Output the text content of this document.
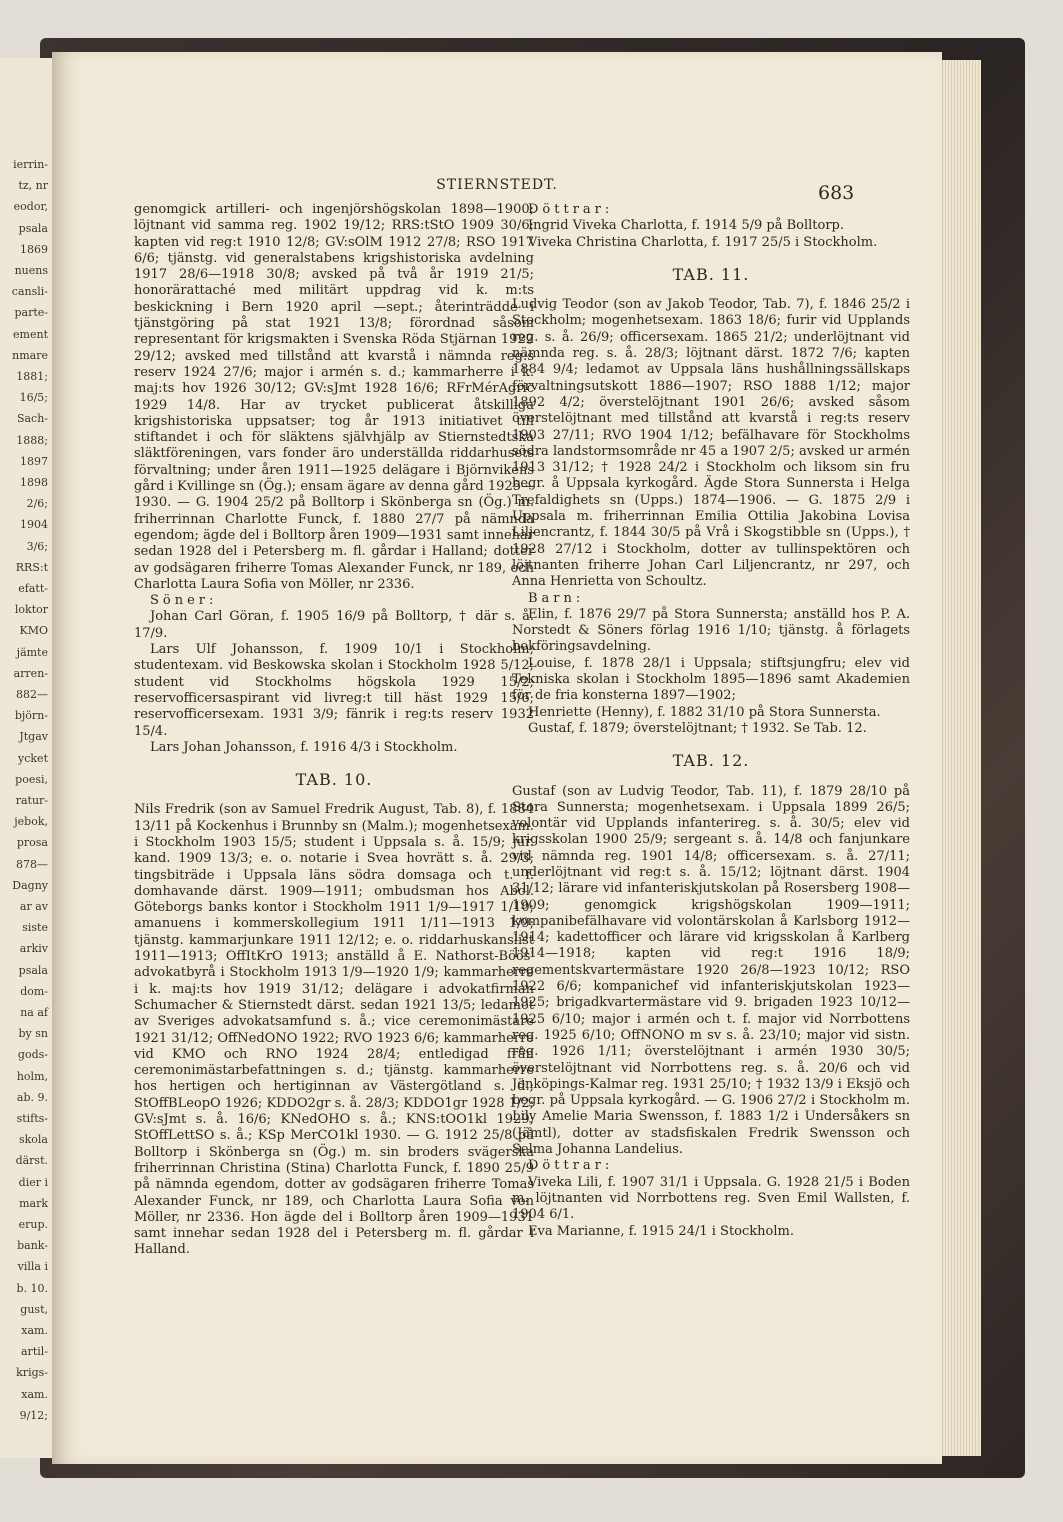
ierrin-
tz, nr
eodor,
psala
1869
nuens
cansli-
parte-
ement
nmare
1881;
16/5;
Sach-
1888;
1897
1898
2/6;
1904
3/6;
RRS:t
efatt-
loktor
KMO
jämte
arren-
882—
björn-
Jtgav
ycket
poesi,
ratur-
jebok,
prosa
878—
Dagny
ar av
siste
arkiv
psala
dom-
na af
by sn
gods-
holm,
ab. 9.
stifts-
skola
därst.
dier i
mark
erup.
bank-
villa i
b. 10.
gust,
xam.
artil-
krigs-
xam.
9/12;
STIERNSTEDT.	683

genomgick artilleri- och ingenjörshögskolan 1898—1900; löjtnant vid samma reg. 1902 19/12; RRS:tStO 1909 30/6; kapten vid reg:t 1910 12/8; GV:sOlM 1912 27/8; RSO 1917 6/6; tjänstg. vid generalstabens krigshistoriska avdelning 1917 28/6—1918 30/8; avsked på två år 1919 21/5; honorärattaché med militärt uppdrag vid k. m:ts beskickning i Bern 1920 april —sept.; återinträdde i tjänstgöring på stat 1921 13/8; förordnad såsom representant för krigsmakten i Svenska Röda Stjärnan 1922 29/12; avsked med tillstånd att kvarstå i nämnda reg:s reserv 1924 27/6; major i armén s. d.; kammarherre i k. maj:ts hov 1926 30/12; GV:sJmt 1928 16/6; RFrMérAgric 1929 14/8. Har av trycket publicerat åtskilliga krigshistoriska uppsatser; tog år 1913 initiativet till stiftandet i och för släktens självhjälp av Stiernstedtska släktföreningen, vars fonder äro underställda riddarhusets förvaltning; under åren 1911—1925 delägare i Björnvikens gård i Kvillinge sn (Ög.); ensam ägare av denna gård 1925—1930. — G. 1904 25/2 på Bolltorp i Skönberga sn (Ög.) m. friherrinnan Charlotte Funck, f. 1880 27/7 på nämnda egendom; ägde del i Bolltorp åren 1909—1931 samt innehar sedan 1928 del i Petersberg m. fl. gårdar i Halland; dotter av godsägaren friherre Tomas Alexander Funck, nr 189, och Charlotta Laura Sofia von Möller, nr 2336.

Söner:

Johan Carl Göran, f. 1905 16/9 på Bolltorp, † där s. å. 17/9.

Lars Ulf Johansson, f. 1909 10/1 i Stockholm; studentexam. vid Beskowska skolan i Stockholm 1928 5/12; student vid Stockholms högskola 1929 15/2; reservofficersaspirant vid livreg:t till häst 1929 15/6; reservofficersexam. 1931 3/9; fänrik i reg:ts reserv 1932 15/4.

Lars Johan Johansson, f. 1916 4/3 i Stockholm.

TAB. 10.

Nils Fredrik (son av Samuel Fredrik August, Tab. 8), f. 1884 13/11 på Kockenhus i Brunnby sn (Malm.); mogenhetsexam. i Stockholm 1903 15/5; student i Uppsala s. å. 15/9; jur. kand. 1909 13/3; e. o. notarie i Svea hovrätt s. å. 29/3; tingsbiträde i Uppsala läns södra domsaga och t. f. domhavande därst. 1909—1911; ombudsman hos Abol. Göteborgs banks kontor i Stockholm 1911 1/9—1917 1/10; amanuens i kommerskollegium 1911 1/11—1913 1/9; tjänstg. kammarjunkare 1911 12/12; e. o. riddarhuskanslist 1911—1913; OffItKrO 1913; anställd å E. Nathorst-Böös' advokatbyrå i Stockholm 1913 1/9—1920 1/9; kammarherre i k. maj:ts hov 1919 31/12; delägare i advokatfirman Schumacher & Stiernstedt därst. sedan 1921 13/5; ledamot av Sveriges advokatsamfund s. å.; vice ceremonimästare 1921 31/12; OffNedONO 1922; RVO 1923 6/6; kammarherre vid KMO och RNO 1924 28/4; entledigad från ceremonimästarbefattningen s. d.; tjänstg. kammarherre hos hertigen och hertiginnan av Västergötland s. d.; StOffBLeopO 1926; KDDO2gr s. å. 28/3; KDDO1gr 1928 1/2; GV:sJmt s. å. 16/6; KNedOHO s. å.; KNS:tOO1kl 1929; StOffLettSO s. å.; KSp MerCO1kl 1930. — G. 1912 25/8 på Bolltorp i Skönberga sn (Ög.) m. sin broders svägerska friherrinnan Christina (Stina) Charlotta Funck, f. 1890 25/9 på nämnda egendom, dotter av godsägaren friherre Tomas Alexander Funck, nr 189, och Charlotta Laura Sofia von Möller, nr 2336. Hon ägde del i Bolltorp åren 1909—1931 samt innehar sedan 1928 del i Petersberg m. fl. gårdar i Halland.

Döttrar:

Ingrid Viveka Charlotta, f. 1914 5/9 på Bolltorp.

Viveka Christina Charlotta, f. 1917 25/5 i Stockholm.

TAB. 11.

Ludvig Teodor (son av Jakob Teodor, Tab. 7), f. 1846 25/2 i Stockholm; mogenhetsexam. 1863 18/6; furir vid Upplands reg. s. å. 26/9; officersexam. 1865 21/2; underlöjtnant vid nämnda reg. s. å. 28/3; löjtnant därst. 1872 7/6; kapten 1884 9/4; ledamot av Uppsala läns hushållningssällskaps förvaltningsutskott 1886—1907; RSO 1888 1/12; major 1892 4/2; överstelöjtnant 1901 26/6; avsked såsom överstelöjtnant med tillstånd att kvarstå i reg:ts reserv 1903 27/11; RVO 1904 1/12; befälhavare för Stockholms södra landstormsområde nr 45 a 1907 2/5; avsked ur armén 1913 31/12; † 1928 24/2 i Stockholm och liksom sin fru begr. å Uppsala kyrkogård. Ägde Stora Sunnersta i Helga Trefaldighets sn (Upps.) 1874—1906. — G. 1875 2/9 i Uppsala m. friherrinnan Emilia Ottilia Jakobina Lovisa Liljencrantz, f. 1844 30/5 på Vrå i Skogstibble sn (Upps.), † 1928 27/12 i Stockholm, dotter av tullinspektören och löjtnanten friherre Johan Carl Liljencrantz, nr 297, och Anna Henrietta von Schoultz.

Barn:

Elin, f. 1876 29/7 på Stora Sunnersta; anställd hos P. A. Norstedt & Söners förlag 1916 1/10; tjänstg. å förlagets bokföringsavdelning.

Louise, f. 1878 28/1 i Uppsala; stiftsjungfru; elev vid Tekniska skolan i Stockholm 1895—1896 samt Akademien för de fria konsterna 1897—1902;

Henriette (Henny), f. 1882 31/10 på Stora Sunnersta.

Gustaf, f. 1879; överstelöjtnant; † 1932. Se Tab. 12.

TAB. 12.

Gustaf (son av Ludvig Teodor, Tab. 11), f. 1879 28/10 på Stora Sunnersta; mogenhetsexam. i Uppsala 1899 26/5; volontär vid Upplands infanterireg. s. å. 30/5; elev vid krigsskolan 1900 25/9; sergeant s. å. 14/8 och fanjunkare vid nämnda reg. 1901 14/8; officersexam. s. å. 27/11; underlöjtnant vid reg:t s. å. 15/12; löjtnant därst. 1904 31/12; lärare vid infanteriskjutskolan på Rosersberg 1908—1909; genomgick krigshögskolan 1909—1911; kompanibefälhavare vid volontärskolan å Karlsborg 1912—1914; kadettofficer och lärare vid krigsskolan å Karlberg 1914—1918; kapten vid reg:t 1916 18/9; regementskvartermästare 1920 26/8—1923 10/12; RSO 1922 6/6; kompanichef vid infanteriskjutskolan 1923—1925; brigadkvartermästare vid 9. brigaden 1923 10/12—1925 6/10; major i armén och t. f. major vid Norrbottens reg. 1925 6/10; OffNONO m sv s. å. 23/10; major vid sistn. reg. 1926 1/11; överstelöjtnant i armén 1930 30/5; överstelöjtnant vid Norrbottens reg. s. å. 20/6 och vid Jönköpings-Kalmar reg. 1931 25/10; † 1932 13/9 i Eksjö och begr. på Uppsala kyrkogård. — G. 1906 27/2 i Stockholm m. Lily Amelie Maria Swensson, f. 1883 1/2 i Undersåkers sn (Jämtl), dotter av stadsfiskalen Fredrik Swensson och Selma Johanna Landelius.

Döttrar:

Viveka Lili, f. 1907 31/1 i Uppsala. G. 1928 21/5 i Boden m. löjtnanten vid Norrbottens reg. Sven Emil Wallsten, f. 1904 6/1.

Eva Marianne, f. 1915 24/1 i Stockholm.
